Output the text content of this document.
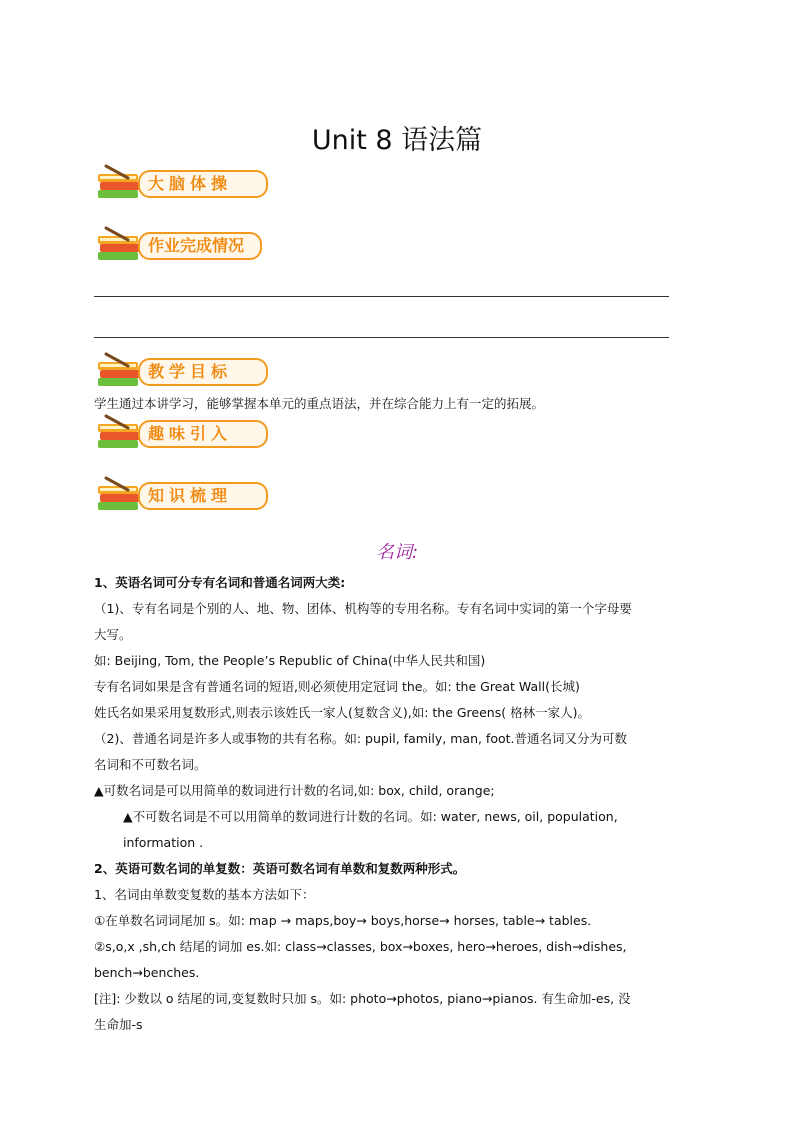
Unit 8 语法篇
大脑体操
作业完成情况
教学目标
学生通过本讲学习，能够掌握本单元的重点语法，并在综合能力上有一定的拓展。
趣味引入
知识梳理
名词:
1、英语名词可分专有名词和普通名词两大类:
（1)、专有名词是个别的人、地、物、团体、机构等的专用名称。专有名词中实词的第一个字母要
大写。
如: Beijing, Tom, the People’s Republic of China(中华人民共和国)
专有名词如果是含有普通名词的短语,则必须使用定冠词 the。如: the Great Wall(长城)
姓氏名如果采用复数形式,则表示该姓氏一家人(复数含义),如: the Greens( 格林一家人)。
（2)、普通名词是许多人或事物的共有名称。如: pupil, family, man, foot.普通名词又分为可数
名词和不可数名词。
▲可数名词是可以用简单的数词进行计数的名词,如: box, child, orange;
▲不可数名词是不可以用简单的数词进行计数的名词。如: water, news, oil, population,
information .
2、英语可数名词的单复数：英语可数名词有单数和复数两种形式。
1、名词由单数变复数的基本方法如下：
①在单数名词词尾加 s。如: map → maps,boy→ boys,horse→ horses, table→ tables.
②s,o,x ,sh,ch 结尾的词加 es.如: class→classes, box→boxes, hero→heroes, dish→dishes,
bench→benches.
[注]: 少数以 o 结尾的词,变复数时只加 s。如: photo→photos, piano→pianos. 有生命加-es, 没
生命加-s
